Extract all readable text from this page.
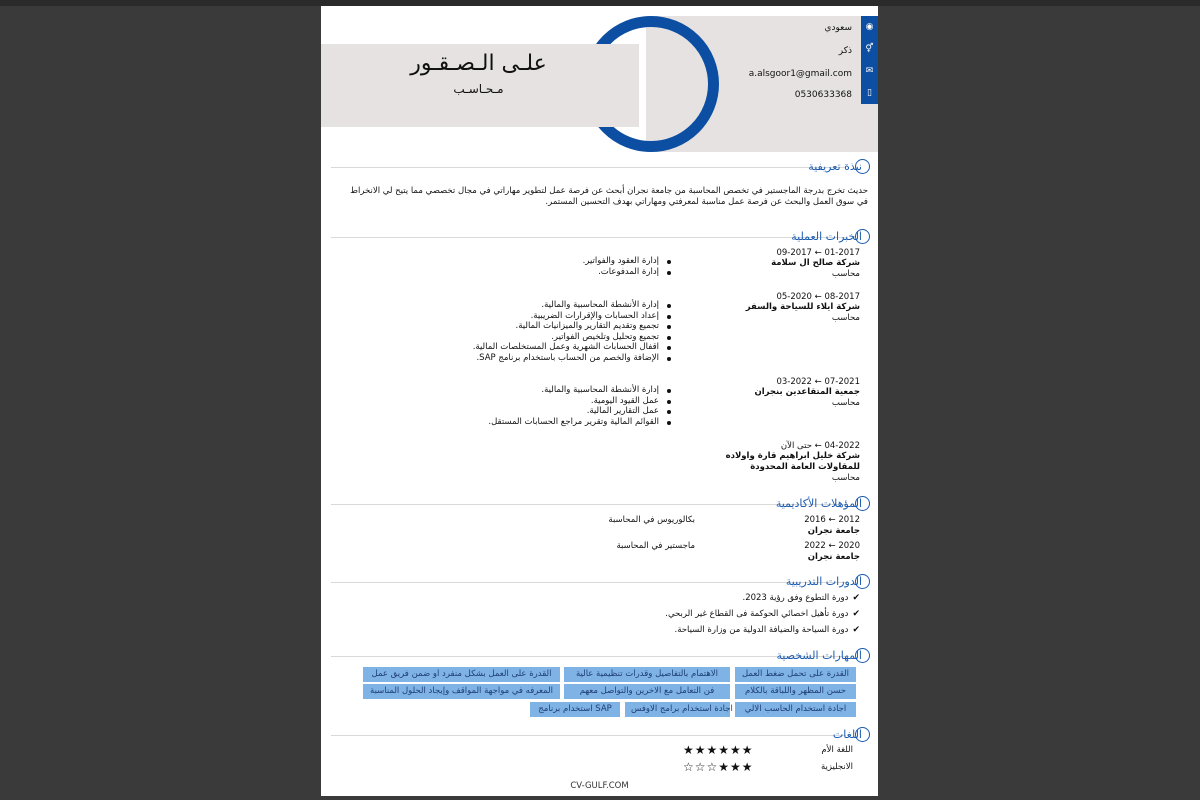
علـى الـصـقـور
مـحـاسـب
◉
⚥
✉
▯
سعودي
ذكر
a.alsgoor1@gmail.com
0530633368
نبذة تعريفية
حديث تخرج بدرجة الماجستير في تخصص المحاسبة من جامعة نجران أبحث عن فرصة عمل لتطوير مهاراتي في مجال تخصصي مما يتيح لي الانخراط في سوق العمل والبحث عن فرصة عمل مناسبة لمعرفتي ومهاراتي بهدف التحسين المستمر.
الخبرات العملية
01-2017 ← 09-2017
شركة صالح ال سلامة
محاسب
إدارة العقود والفواتير.
إدارة المدفوعات.
08-2017 ← 05-2020
شركة ايلاء للسياحة والسفر
محاسب
إدارة الأنشطة المحاسبية والمالية.
إعداد الحسابات والإقرارات الضريبية.
تجميع وتقديم التقارير والميزانيات المالية.
تجميع وتحليل وتلخيص الفواتير.
اقفال الحسابات الشهرية وعمل المستخلصات المالية.
الإضافة والخصم من الحساب باستخدام برنامج SAP.
07-2021 ← 03-2022
جمعية المتقاعدين بنجران
محاسب
إدارة الأنشطة المحاسبية والمالية.
عمل القيود اليومية.
عمل التقارير المالية.
القوائم المالية وتقرير مراجع الحسابات المستقل.
04-2022 ← حتى الآن
شركة خليل ابراهيم قارة واولاده للمقاولات العامة المحدودة
محاسب
المؤهلات الأكاديمية
2012 ← 2016
جامعة نجران
بكالوريوس في المحاسبة
2020 ← 2022
جامعة نجران
ماجستير في المحاسبة
الدورات التدريبية
✔ دورة التطوع وفق رؤية 2023.
✔ دورة تأهيل اخصائي الحوكمة فى القطاع غير الربحي.
✔ دورة السياحة والضيافة الدولية من وزارة السياحة.
المهارات الشخصية
القدرة على تحمل ضغط العمل
الاهتمام بالتفاصيل وقدرات تنظيمية عالية
القدرة على العمل بشكل منفرد او ضمن فريق عمل
حسن المظهر واللباقة بالكلام
فن التعامل مع الاخرين والتواصل معهم
المعرفه في مواجهة المواقف وإيجاد الحلول المناسبة
اجادة استخدام الحاسب الالي
اجادة استخدام برامج الاوفس
استخدام برنامج SAP
اللغات
اللغة الأم
★★★★★★
الانجليزية
☆☆☆★★★
CV-GULF.COM
